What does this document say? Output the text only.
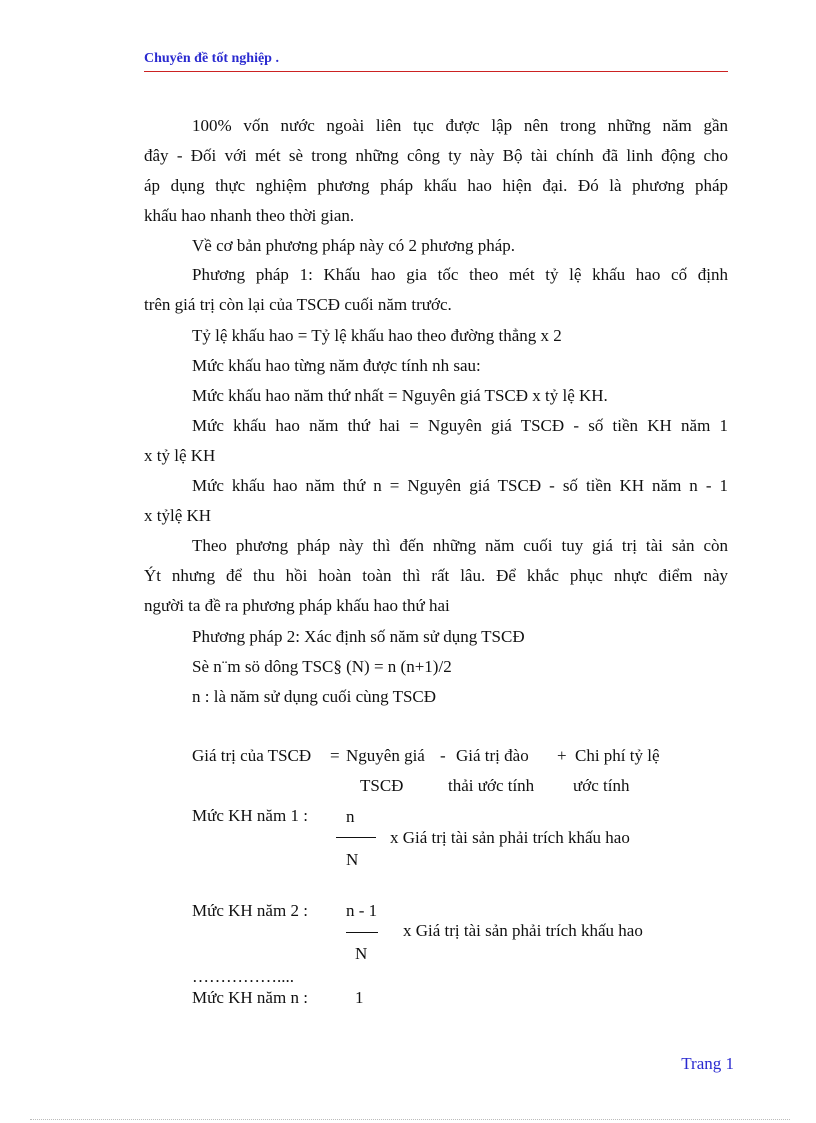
Chuyên đề tốt nghiệp .
100% vốn nước ngoài liên tục được lập nên trong những năm gần
đây - Đối với mét sè trong những công ty này Bộ tài chính đã linh động cho
áp dụng thực nghiệm phương pháp khấu hao hiện đại. Đó là phương pháp
khấu hao nhanh theo thời gian.
Về cơ bản phương pháp này có 2 phương pháp.
Phương pháp 1: Khấu hao gia tốc theo mét tỷ lệ khấu hao cố định
trên giá trị còn lại của TSCĐ cuối năm trước.
Tỷ lệ khấu hao = Tỷ lệ khấu hao theo đường thẳng x 2
Mức khấu hao từng năm được tính nh sau:
Mức khấu hao năm thứ nhất = Nguyên giá TSCĐ x tỷ lệ KH.
Mức khấu hao năm thứ hai = Nguyên giá TSCĐ - số tiền KH năm 1
x tỷ lệ KH
Mức khấu hao năm thứ n = Nguyên giá TSCĐ - số tiền KH năm n - 1
x tỷlệ KH
Theo phương pháp này thì đến những năm cuối tuy giá trị tài sản còn
Ýt nhưng để thu hồi hoàn toàn thì rất lâu. Để khắc phục nhực điểm này
người ta đề ra phương pháp khấu hao thứ hai
Phương pháp 2: Xác định số năm sử dụng TSCĐ
Sè n¨m sö dông TSC§ (N) = n (n+1)/2
n : là năm sử dụng cuối cùng TSCĐ
Giá trị của TSCĐ = Nguyên giá - Giá trị đào + Chi phí tỷ lệ
TSCĐ	thải ước tính ước tính
Mức KH năm 1 : n
x Giá trị tài sản phải trích khấu hao
N
Mức KH năm 2 : n - 1
x Giá trị tài sản phải trích khấu hao
N
……………....
Mức KH năm n :	1
Trang 1
